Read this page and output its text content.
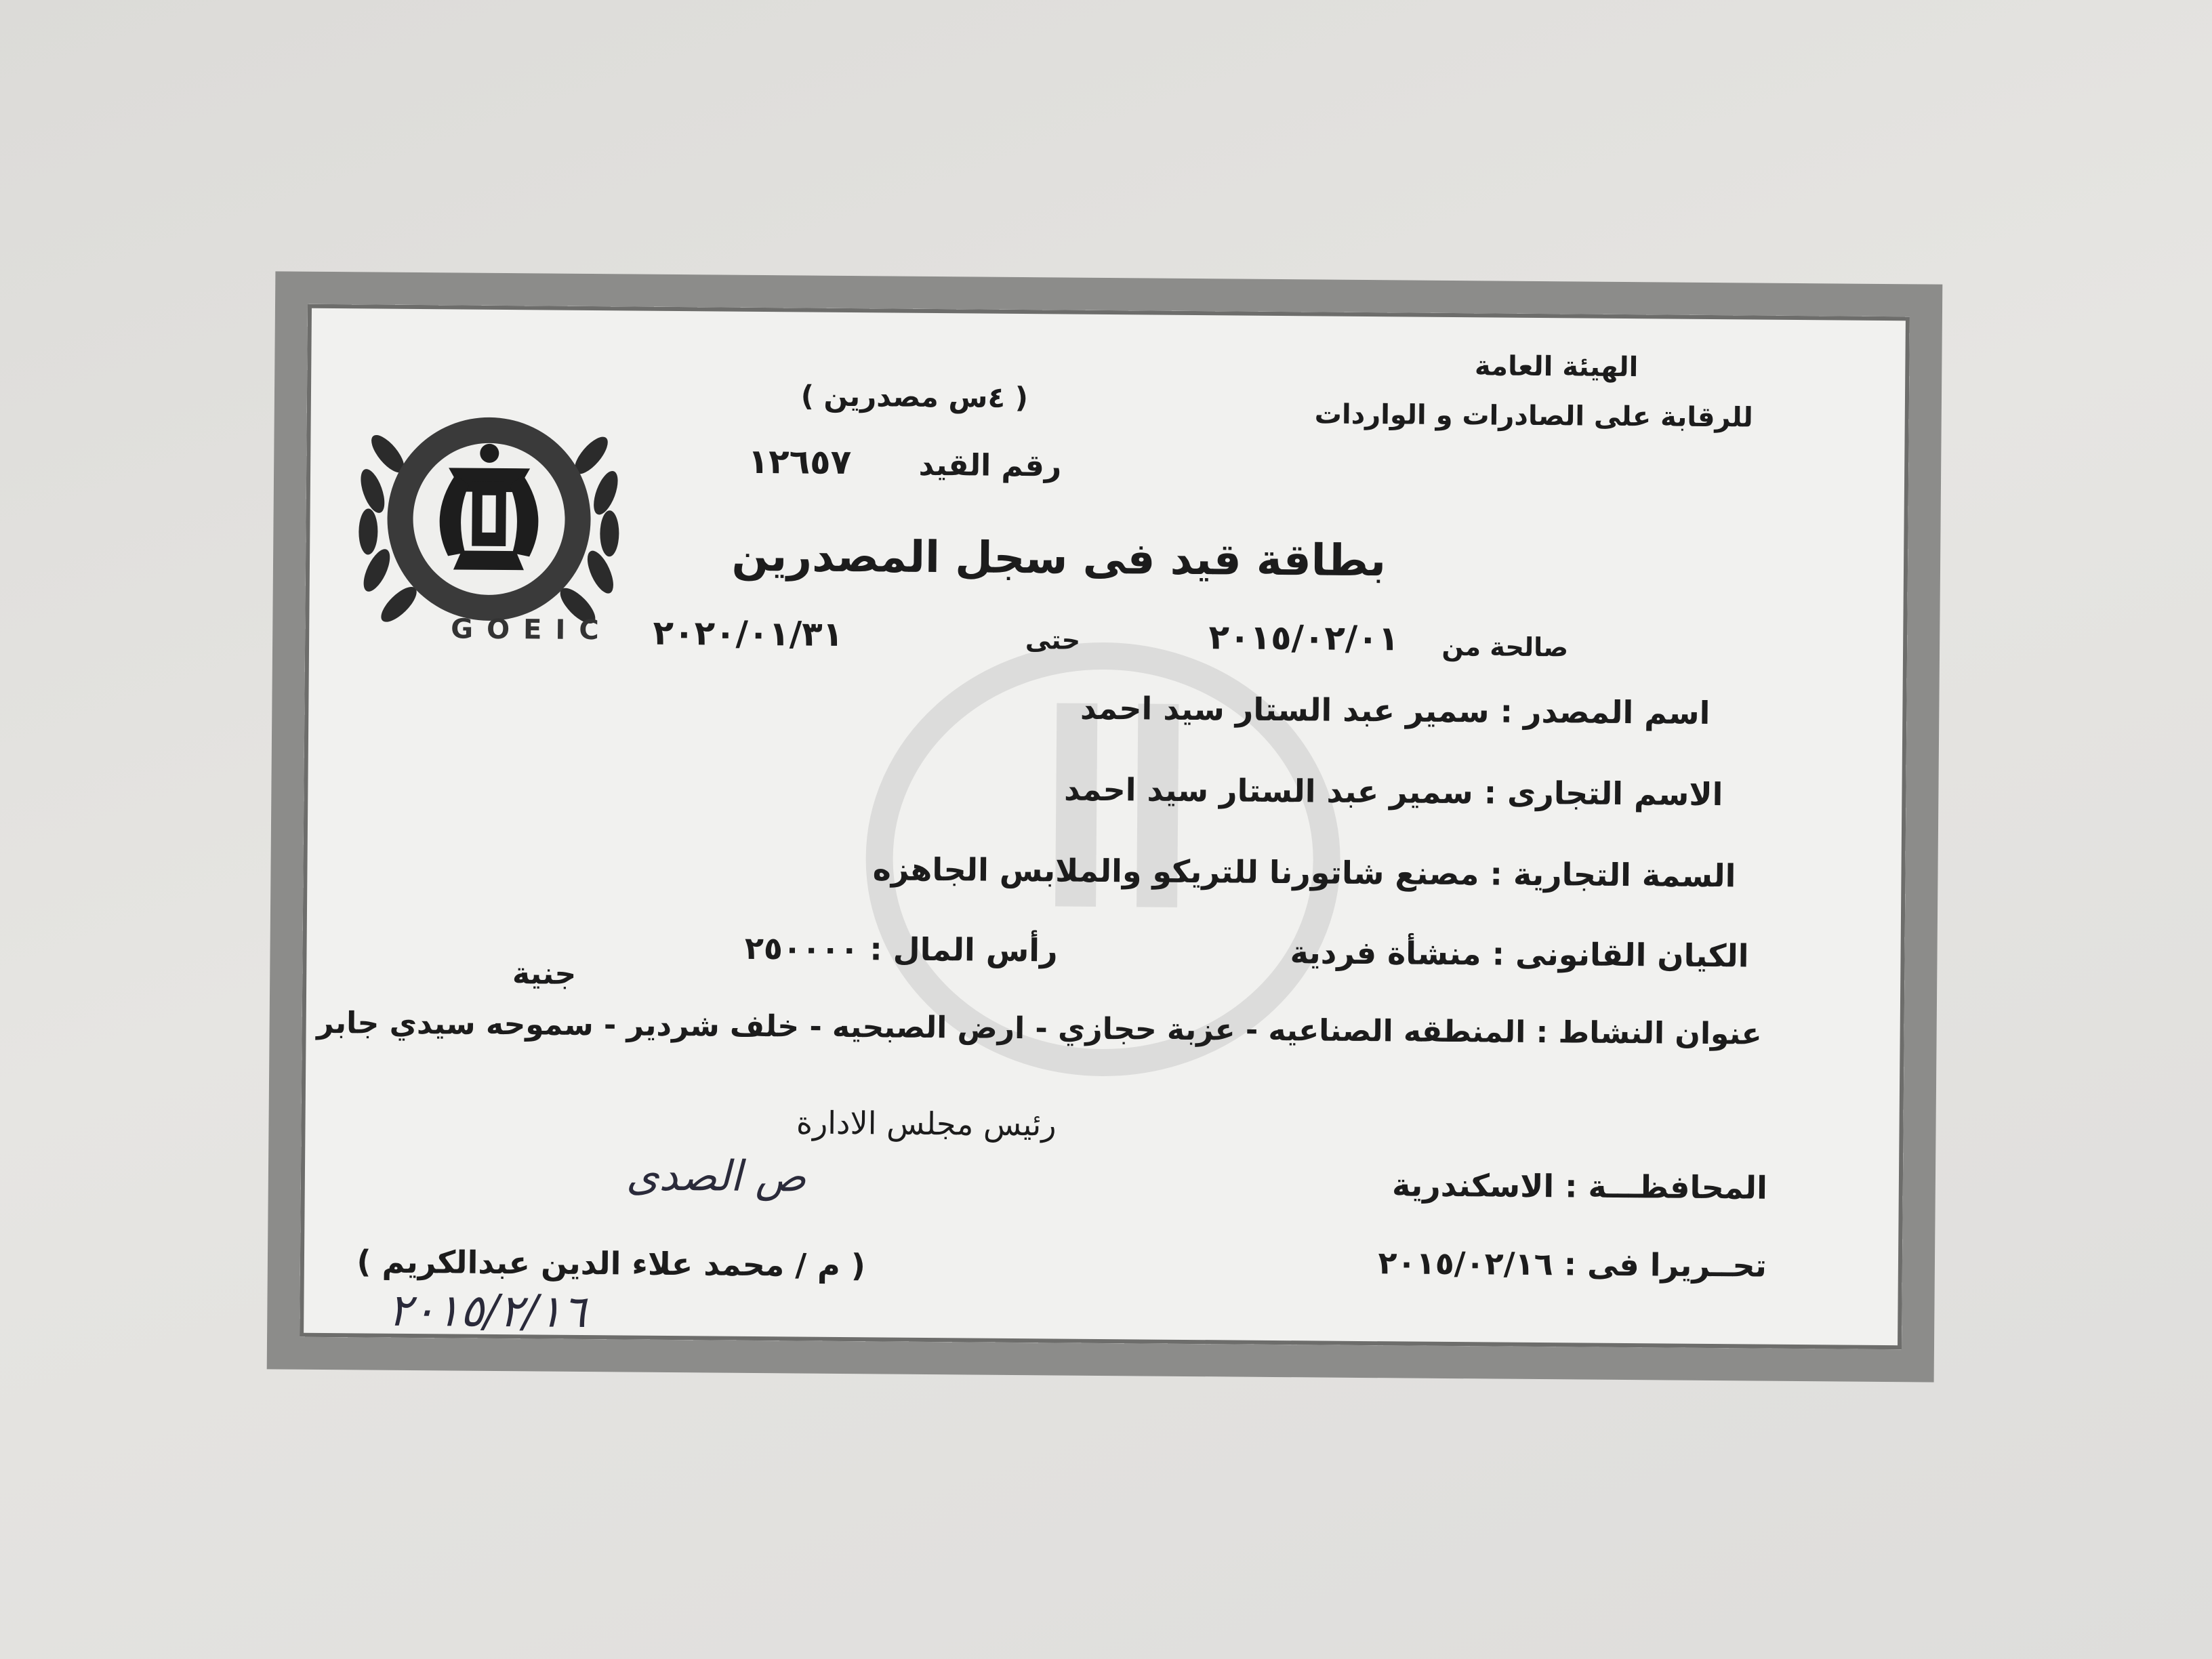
GOEIC
الهيئة العامة
للرقابة على الصادرات و الواردات
( ٤س مصدرين )
رقم القيد
١٢٦٥٧
بطاقة قيد فى سجل المصدرين
صالحة من
٢٠١٥/٠٢/٠١
حتى
٢٠٢٠/٠١/٣١
اسم المصدر : سمير عبد الستار سيد احمد
الاسم التجارى : سمير عبد الستار سيد احمد
السمة التجارية : مصنع شاتورنا للتريكو والملابس الجاهزه
الكيان القانونى : منشأة فردية
رأس المال : ٢٥٠٠٠٠
جنية
عنوان النشاط : المنطقه الصناعيه - عزبة حجازي - ارض الصبحيه - خلف شردير - سموحه سيدي جابر
المحافظـــة : الاسكندرية
تحــريرا فى : ٢٠١٥/٠٢/١٦
رئيس مجلس الادارة
ص الصدى
( م / محمد علاء الدين عبدالكريم )
٢٠١٥/٢/١٦
